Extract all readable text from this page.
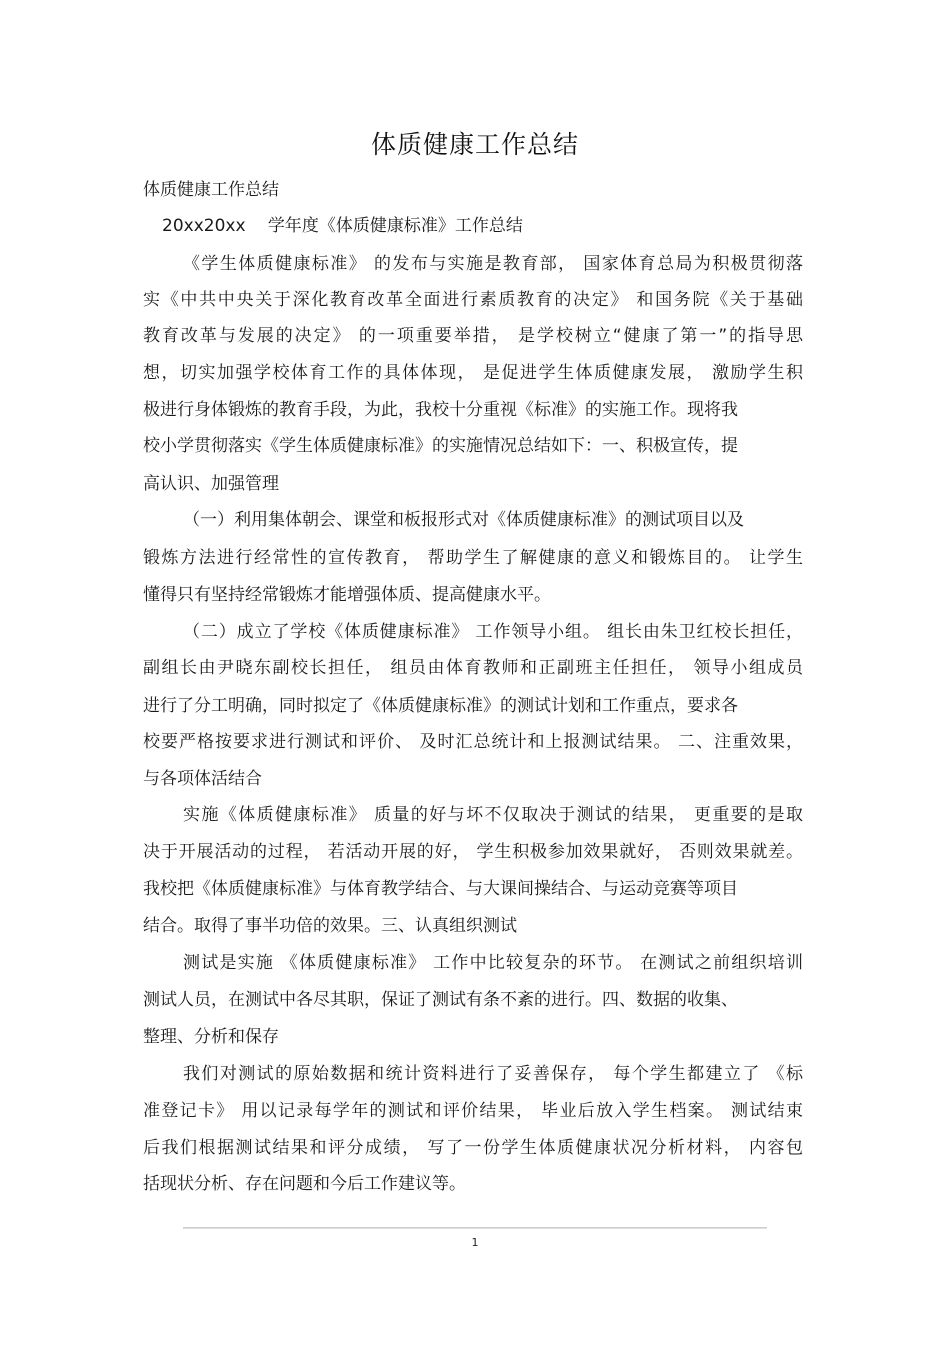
体质健康工作总结
体质健康工作总结
20xx20xx　 学年度《体质健康标准》工作总结
《学生体质健康标准》 的发布与实施是教育部， 国家体育总局为积极贯彻落
实《中共中央关于深化教育改革全面进行素质教育的决定》 和国务院《关于基础
教育改革与发展的决定》 的一项重要举措， 是学校树立“健康了第一”的指导思
想，切实加强学校体育工作的具体体现， 是促进学生体质健康发展， 激励学生积
极进行身体锻炼的教育手段，为此，我校十分重视《标准》的实施工作。现将我
校小学贯彻落实《学生体质健康标准》的实施情况总结如下：一、积极宣传，提
高认识、加强管理
（一）利用集体朝会、课堂和板报形式对《体质健康标准》的测试项目以及
锻炼方法进行经常性的宣传教育， 帮助学生了解健康的意义和锻炼目的。 让学生
懂得只有坚持经常锻炼才能增强体质、提高健康水平。
（二）成立了学校《体质健康标准》 工作领导小组。 组长由朱卫红校长担任，
副组长由尹晓东副校长担任， 组员由体育教师和正副班主任担任， 领导小组成员
进行了分工明确，同时拟定了《体质健康标准》的测试计划和工作重点，要求各
校要严格按要求进行测试和评价、 及时汇总统计和上报测试结果。 二、注重效果，
与各项体活结合
实施《体质健康标准》 质量的好与坏不仅取决于测试的结果， 更重要的是取
决于开展活动的过程， 若活动开展的好， 学生积极参加效果就好， 否则效果就差。
我校把《体质健康标准》与体育教学结合、与大课间操结合、与运动竞赛等项目
结合。取得了事半功倍的效果。三、认真组织测试
测试是实施 《体质健康标准》 工作中比较复杂的环节。 在测试之前组织培训
测试人员，在测试中各尽其职，保证了测试有条不紊的进行。四、数据的收集、
整理、分析和保存
我们对测试的原始数据和统计资料进行了妥善保存， 每个学生都建立了 《标
准登记卡》 用以记录每学年的测试和评价结果， 毕业后放入学生档案。 测试结束
后我们根据测试结果和评分成绩， 写了一份学生体质健康状况分析材料， 内容包
括现状分析、存在问题和今后工作建议等。
1
